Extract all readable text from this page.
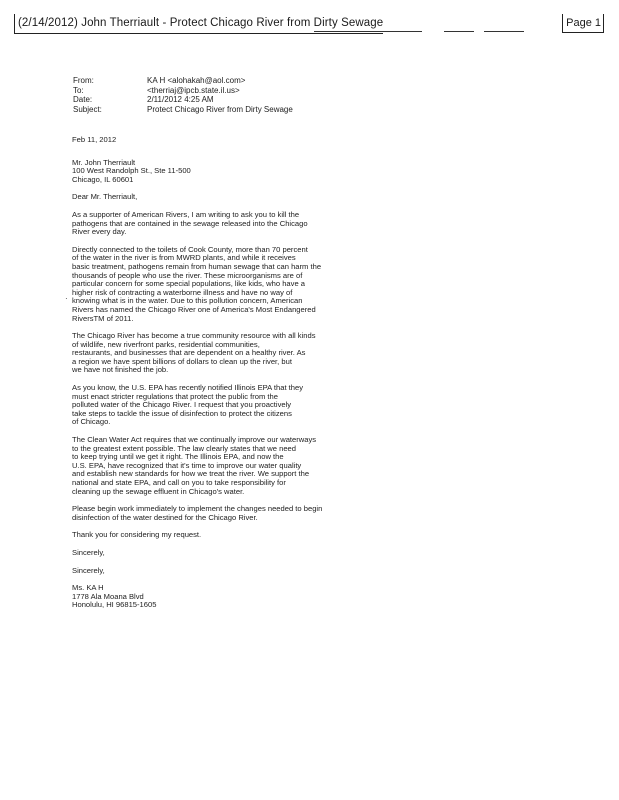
(2/14/2012) John Therriault - Protect Chicago River from Dirty Sewage	Page 1
From:	KA H <alohakah@aol.com>
To:	<therriaj@ipcb.state.il.us>
Date:	2/11/2012 4:25 AM
Subject:	Protect Chicago River from Dirty Sewage
·

Feb 11, 2012

Mr. John Therriault
100 West Randolph St., Ste 11-500
Chicago, IL 60601

Dear Mr. Therriault,

As a supporter of American Rivers, I am writing to ask you to kill the
pathogens that are contained in the sewage released into the Chicago
River every day.

Directly connected to the toilets of Cook County, more than 70 percent
of the water in the river is from MWRD plants, and while it receives
basic treatment, pathogens remain from human sewage that can harm the
thousands of people who use the river. These microorganisms are of
particular concern for some special populations, like kids, who have a
higher risk of contracting a waterborne illness and have no way of
knowing what is in the water. Due to this pollution concern, American
Rivers has named the Chicago River one of America's Most Endangered
RiversTM of 2011.

The Chicago River has become a true community resource with all kinds
of wildlife, new riverfront parks, residential communities,
restaurants, and businesses that are dependent on a healthy river. As
a region we have spent billions of dollars to clean up the river, but
we have not finished the job.

As you know, the U.S. EPA has recently notified Illinois EPA that they
must enact stricter regulations that protect the public from the
polluted water of the Chicago River. I request that you proactively
take steps to tackle the issue of disinfection to protect the citizens
of Chicago.

The Clean Water Act requires that we continually improve our waterways
to the greatest extent possible. The law clearly states that we need
to keep trying until we get it right. The Illinois EPA, and now the
U.S. EPA, have recognized that it's time to improve our water quality
and establish new standards for how we treat the river. We support the
national and state EPA, and call on you to take responsibility for
cleaning up the sewage effluent in Chicago's water.

Please begin work immediately to implement the changes needed to begin
disinfection of the water destined for the Chicago River.

Thank you for considering my request.

Sincerely,

Sincerely,

Ms. KA H
1778 Ala Moana Blvd
Honolulu, HI 96815-1605
